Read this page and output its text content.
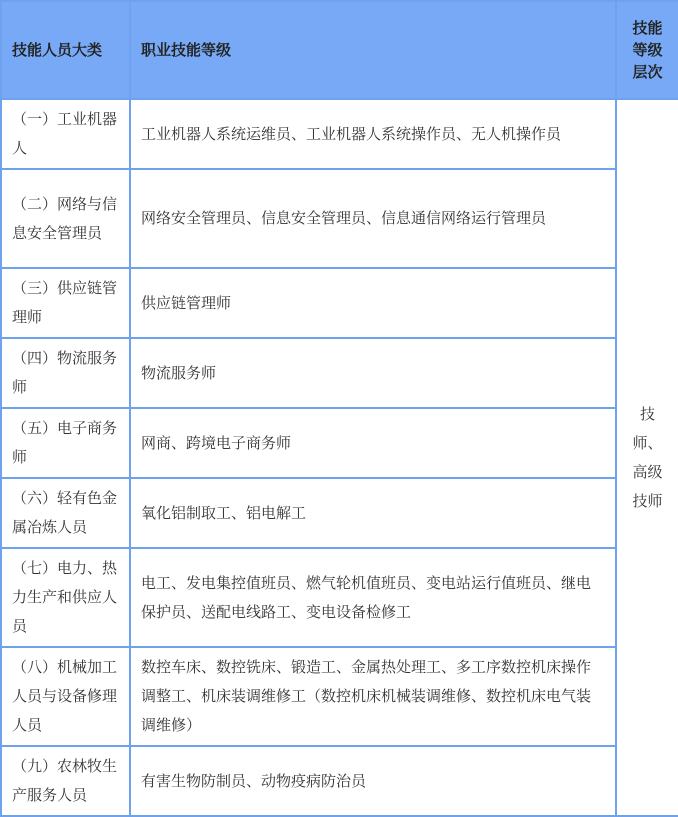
技能人员大类	职业技能等级	技能
等级
层次
（一）工业机器人	工业机器人系统运维员、工业机器人系统操作员、无人机操作员	技
师、
高级
技师
（二）网络与信息安全管理员	网络安全管理员、信息安全管理员、信息通信网络运行管理员	
（三）供应链管理师	供应链管理师	
（四）物流服务师	物流服务师	
（五）电子商务师	网商、跨境电子商务师	
（六）轻有色金属冶炼人员	氧化铝制取工、铝电解工	
（七）电力、热力生产和供应人员	电工、发电集控值班员、燃气轮机值班员、变电站运行值班员、继电保护员、送配电线路工、变电设备检修工	
（八）机械加工人员与设备修理人员	数控车床、数控铣床、锻造工、金属热处理工、多工序数控机床操作调整工、机床装调维修工（数控机床机械装调维修、数控机床电气装调维修）	
（九）农林牧生产服务人员	有害生物防制员、动物疫病防治员	
